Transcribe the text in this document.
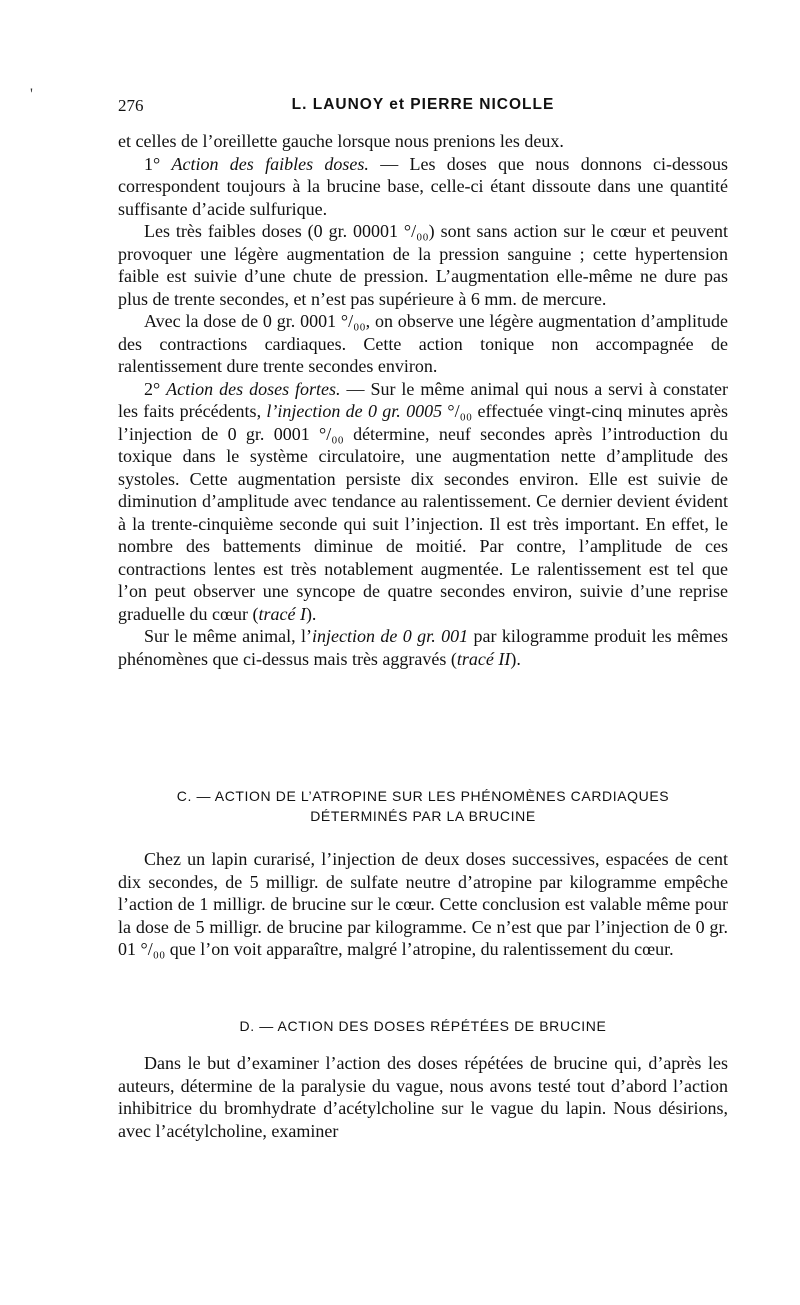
'
276	L. LAUNOY et PIERRE NICOLLE

et celles de l’oreillette gauche lorsque nous prenions les deux.

1° Action des faibles doses. — Les doses que nous donnons ci-dessous correspondent toujours à la brucine base, celle-ci étant dissoute dans une quantité suffisante d’acide sulfurique.

Les très faibles doses (0 gr. 00001 °/₀₀) sont sans action sur le cœur et peuvent provoquer une légère augmentation de la pression sanguine ; cette hypertension faible est suivie d’une chute de pression. L’augmentation elle-même ne dure pas plus de trente secondes, et n’est pas supérieure à 6 mm. de mercure.

Avec la dose de 0 gr. 0001 °/₀₀, on observe une légère augmentation d’amplitude des contractions cardiaques. Cette action tonique non accompagnée de ralentissement dure trente secondes environ.

2° Action des doses fortes. — Sur le même animal qui nous a servi à constater les faits précédents, l’injection de 0 gr. 0005 °/₀₀ effectuée vingt-cinq minutes après l’injection de 0 gr. 0001 °/₀₀ détermine, neuf secondes après l’introduction du toxique dans le système circulatoire, une augmentation nette d’amplitude des systoles. Cette augmentation persiste dix secondes environ. Elle est suivie de diminution d’amplitude avec tendance au ralentissement. Ce dernier devient évident à la trente-cinquième seconde qui suit l’injection. Il est très important. En effet, le nombre des battements diminue de moitié. Par contre, l’amplitude de ces contractions lentes est très notablement augmentée. Le ralentissement est tel que l’on peut observer une syncope de quatre secondes environ, suivie d’une reprise graduelle du cœur (tracé I).

Sur le même animal, l’injection de 0 gr. 001 par kilogramme produit les mêmes phénomènes que ci-dessus mais très aggravés (tracé II).

C. — ACTION DE L’ATROPINE SUR LES PHÉNOMÈNES CARDIAQUES
DÉTERMINÉS PAR LA BRUCINE

Chez un lapin curarisé, l’injection de deux doses successives, espacées de cent dix secondes, de 5 milligr. de sulfate neutre d’atropine par kilogramme empêche l’action de 1 milligr. de brucine sur le cœur. Cette conclusion est valable même pour la dose de 5 milligr. de brucine par kilogramme. Ce n’est que par l’injection de 0 gr. 01 °/₀₀ que l’on voit apparaître, malgré l’atropine, du ralentissement du cœur.

D. — ACTION DES DOSES RÉPÉTÉES DE BRUCINE

Dans le but d’examiner l’action des doses répétées de brucine qui, d’après les auteurs, détermine de la paralysie du vague, nous avons testé tout d’abord l’action inhibitrice du bromhydrate d’acétylcholine sur le vague du lapin. Nous désirions, avec l’acétylcholine, examiner
